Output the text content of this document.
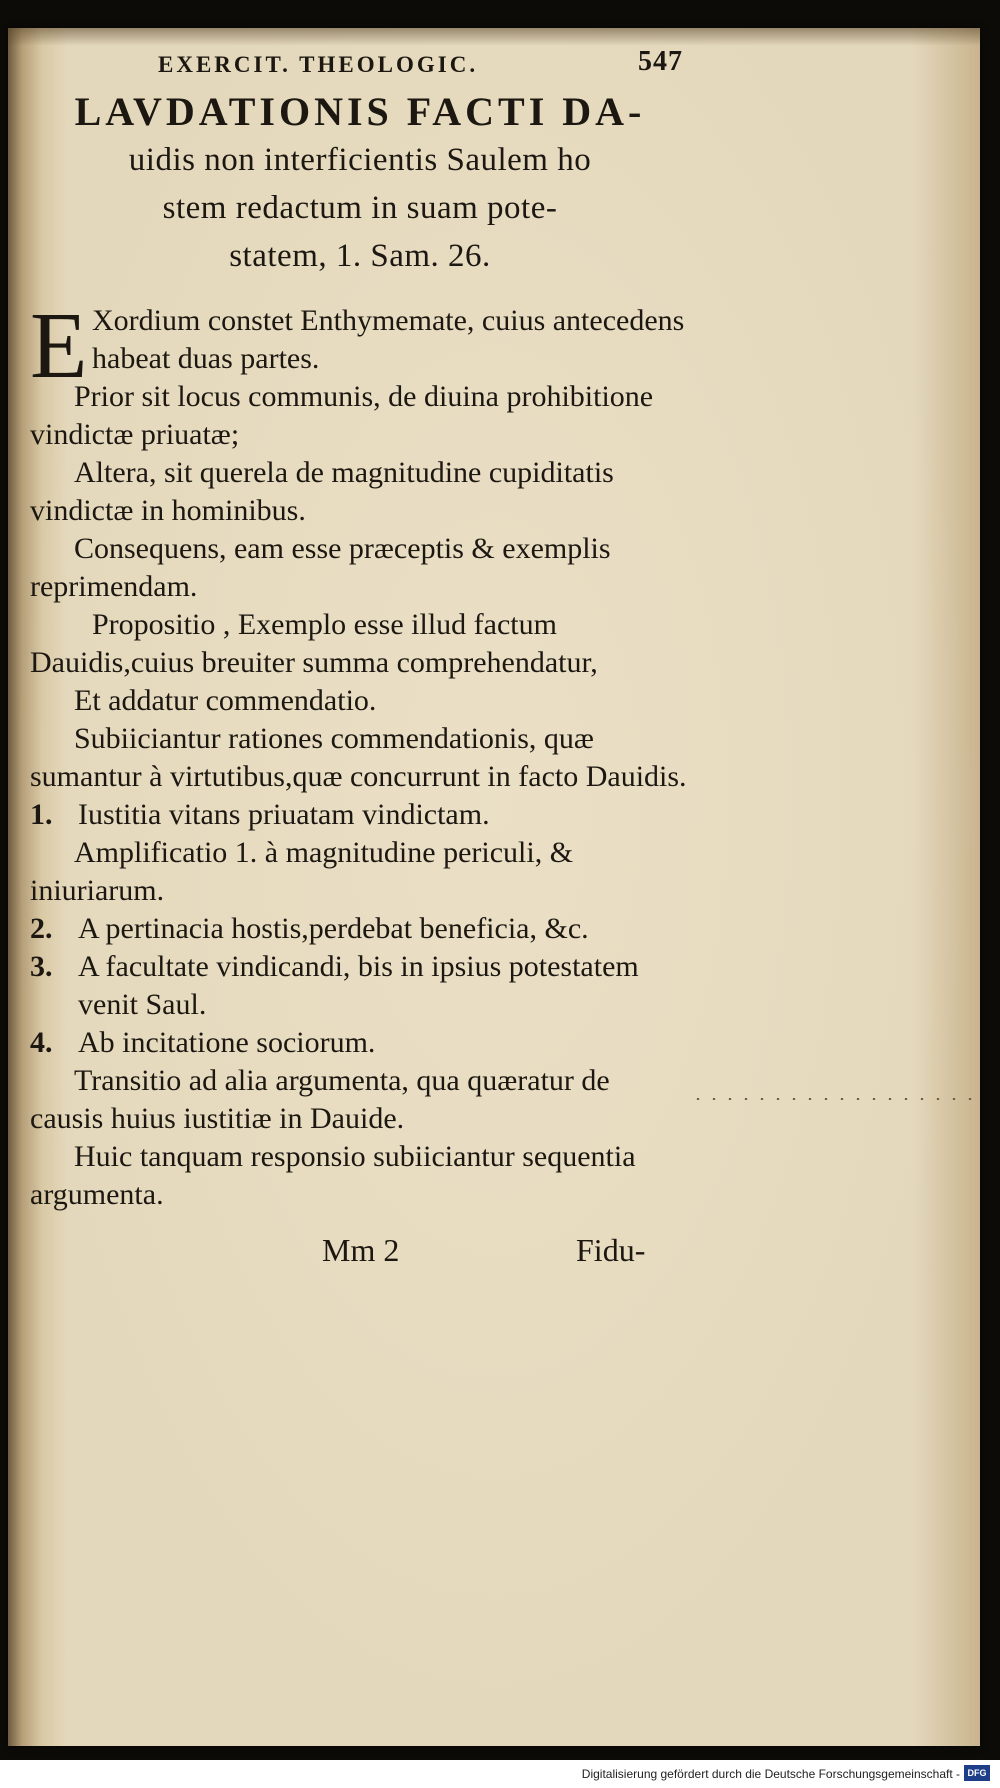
EXERCIT. THEOLOGIC.	547
LAVDATIONIS FACTI DA-
uidis non interficientis Saulem ho
stem redactum in suam pote-
statem, 1. Sam. 26.

E Xordium constet Enthymemate, cuius antecedens habeat duas partes.

Prior sit locus communis, de diuina prohibitione vindictæ priuatæ;

Altera, sit querela de magnitudine cupiditatis vindictæ in hominibus.

Consequens, eam esse præceptis & exemplis reprimendam.

Propositio , Exemplo esse illud factum Dauidis,cuius breuiter summa comprehendatur,

Et addatur commendatio.

Subiiciantur rationes commendationis, quæ sumantur à virtutibus,quæ concurrunt in facto Dauidis.

1. Iustitia vitans priuatam vindictam.

Amplificatio 1. à magnitudine periculi, & iniuriarum.

2. A pertinacia hostis,perdebat beneficia, &c.
3. A facultate vindicandi, bis in ipsius potestatem venit Saul.
4. Ab incitatione sociorum.

Transitio ad alia argumenta, qua quæratur de causis huius iustitiæ in Dauide.

Huic tanquam responsio subiiciantur sequentia argumenta.

Mm 2	Fidu-
Digitalisierung gefördert durch die Deutsche Forschungsgemeinschaft - DFG
